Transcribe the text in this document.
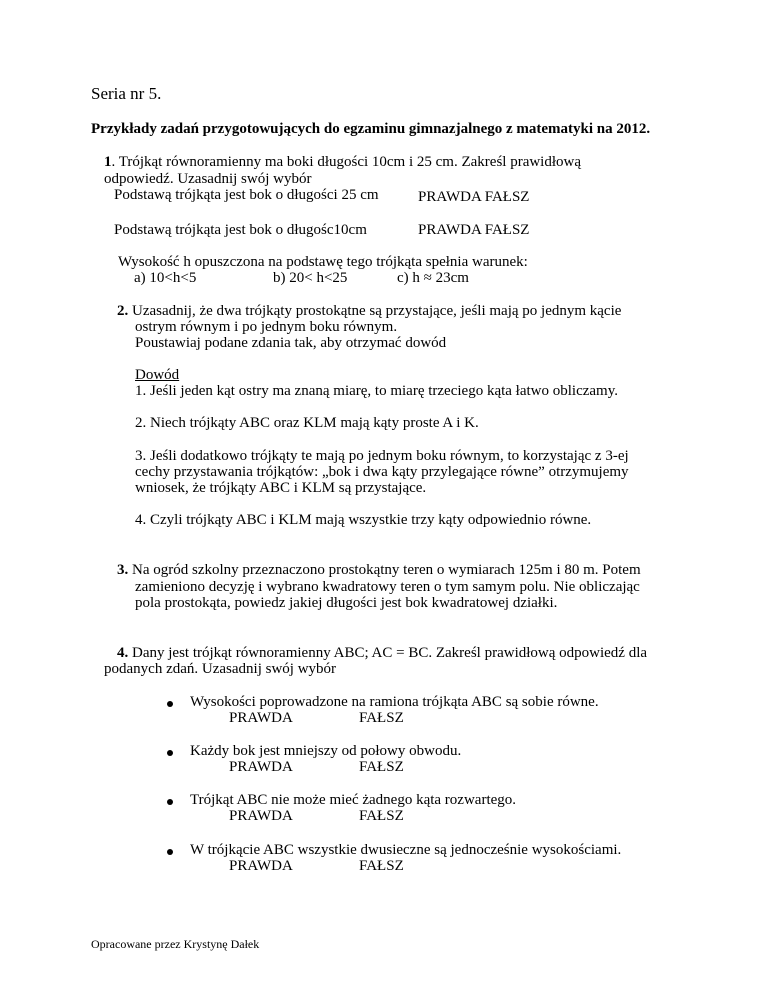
Seria nr 5.
Przykłady zadań przygotowujących do egzaminu gimnazjalnego z matematyki na 2012.
1. Trójkąt równoramienny ma boki długości 10cm i 25 cm. Zakreśl prawidłową
odpowiedź. Uzasadnij swój wybór
Podstawą trójkąta jest bok o długości 25 cm	PRAWDA FAŁSZ
Podstawą trójkąta jest bok o długośc10cm	PRAWDA FAŁSZ
Wysokość h opuszczona na podstawę tego trójkąta spełnia warunek:
a) 10<h<5	b) 20< h<25	c) h ≈ 23cm
2. Uzasadnij, że dwa trójkąty prostokątne są przystające, jeśli mają po jednym kącie
ostrym równym i po jednym boku równym.
Poustawiaj podane zdania tak, aby otrzymać dowód
Dowód
1. Jeśli jeden kąt ostry ma znaną miarę, to miarę trzeciego kąta łatwo obliczamy.
2. Niech trójkąty ABC oraz KLM mają kąty proste A i K.
3. Jeśli dodatkowo trójkąty te mają po jednym boku równym, to korzystając z 3-ej
cechy przystawania trójkątów: „bok i dwa kąty przylegające równe” otrzymujemy
wniosek, że trójkąty ABC i KLM są przystające.
4. Czyli trójkąty ABC i KLM mają wszystkie trzy kąty odpowiednio równe.
3. Na ogród szkolny przeznaczono prostokątny teren o wymiarach 125m i 80 m. Potem
zamieniono decyzję i wybrano kwadratowy teren o tym samym polu. Nie obliczając
pola prostokąta, powiedz jakiej długości jest bok kwadratowej działki.
4. Dany jest trójkąt równoramienny ABC; AC = BC. Zakreśl prawidłową odpowiedź dla
podanych zdań. Uzasadnij swój wybór
Wysokości poprowadzone na ramiona trójkąta ABC są sobie równe.
PRAWDA	FAŁSZ
Każdy bok jest mniejszy od połowy obwodu.
PRAWDA	FAŁSZ
Trójkąt ABC nie może mieć żadnego kąta rozwartego.
PRAWDA	FAŁSZ
W trójkącie ABC wszystkie dwusieczne są jednocześnie wysokościami.
PRAWDA	FAŁSZ
Opracowane przez Krystynę Dałek
